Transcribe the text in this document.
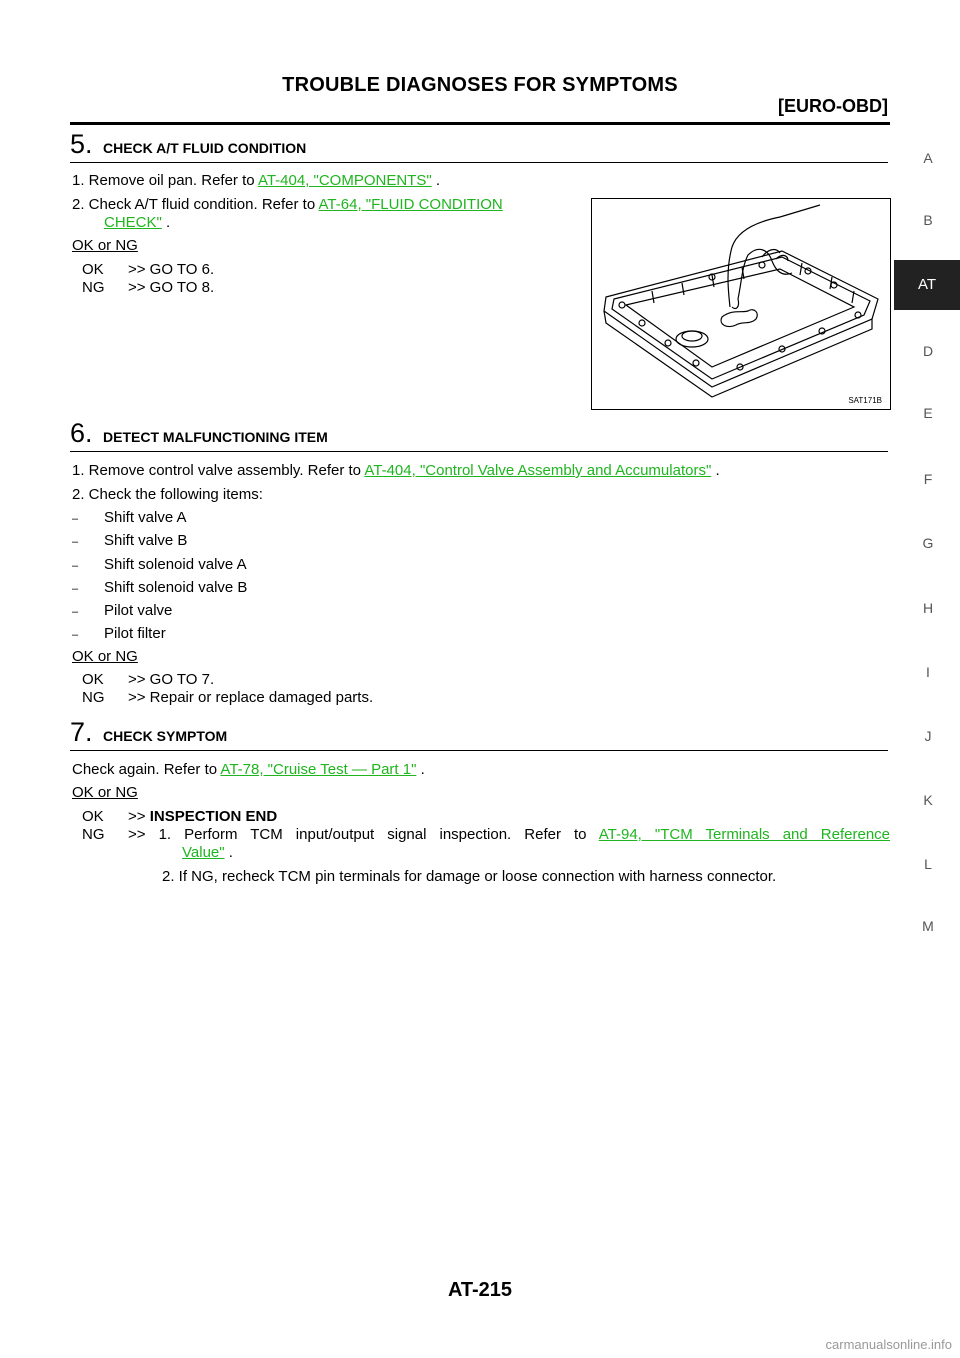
TROUBLE DIAGNOSES FOR SYMPTOMS
[EURO-OBD]
A
B
AT
D
E
F
G
H
I
J
K
L
M
5. CHECK A/T FLUID CONDITION
1. Remove oil pan. Refer to AT-404, "COMPONENTS" .
2. Check A/T fluid condition. Refer to AT-64, "FLUID CONDITION
CHECK" .
OK or NG
OK >> GO TO 6.
NG >> GO TO 8.
SAT171B
6. DETECT MALFUNCTIONING ITEM
1. Remove control valve assembly. Refer to AT-404, "Control Valve Assembly and Accumulators" .
2. Check the following items:
– Shift valve A
– Shift valve B
– Shift solenoid valve A
– Shift solenoid valve B
– Pilot valve
– Pilot filter
OK or NG
OK >> GO TO 7.
NG >> Repair or replace damaged parts.
7. CHECK SYMPTOM
Check again. Refer to AT-78, "Cruise Test — Part 1" .
OK or NG
OK >> INSPECTION END
NG >> 1. Perform TCM input/output signal inspection. Refer to AT-94, "TCM Terminals and Reference
Value" .
2. If NG, recheck TCM pin terminals for damage or loose connection with harness connector.
AT-215
carmanualsonline.info
